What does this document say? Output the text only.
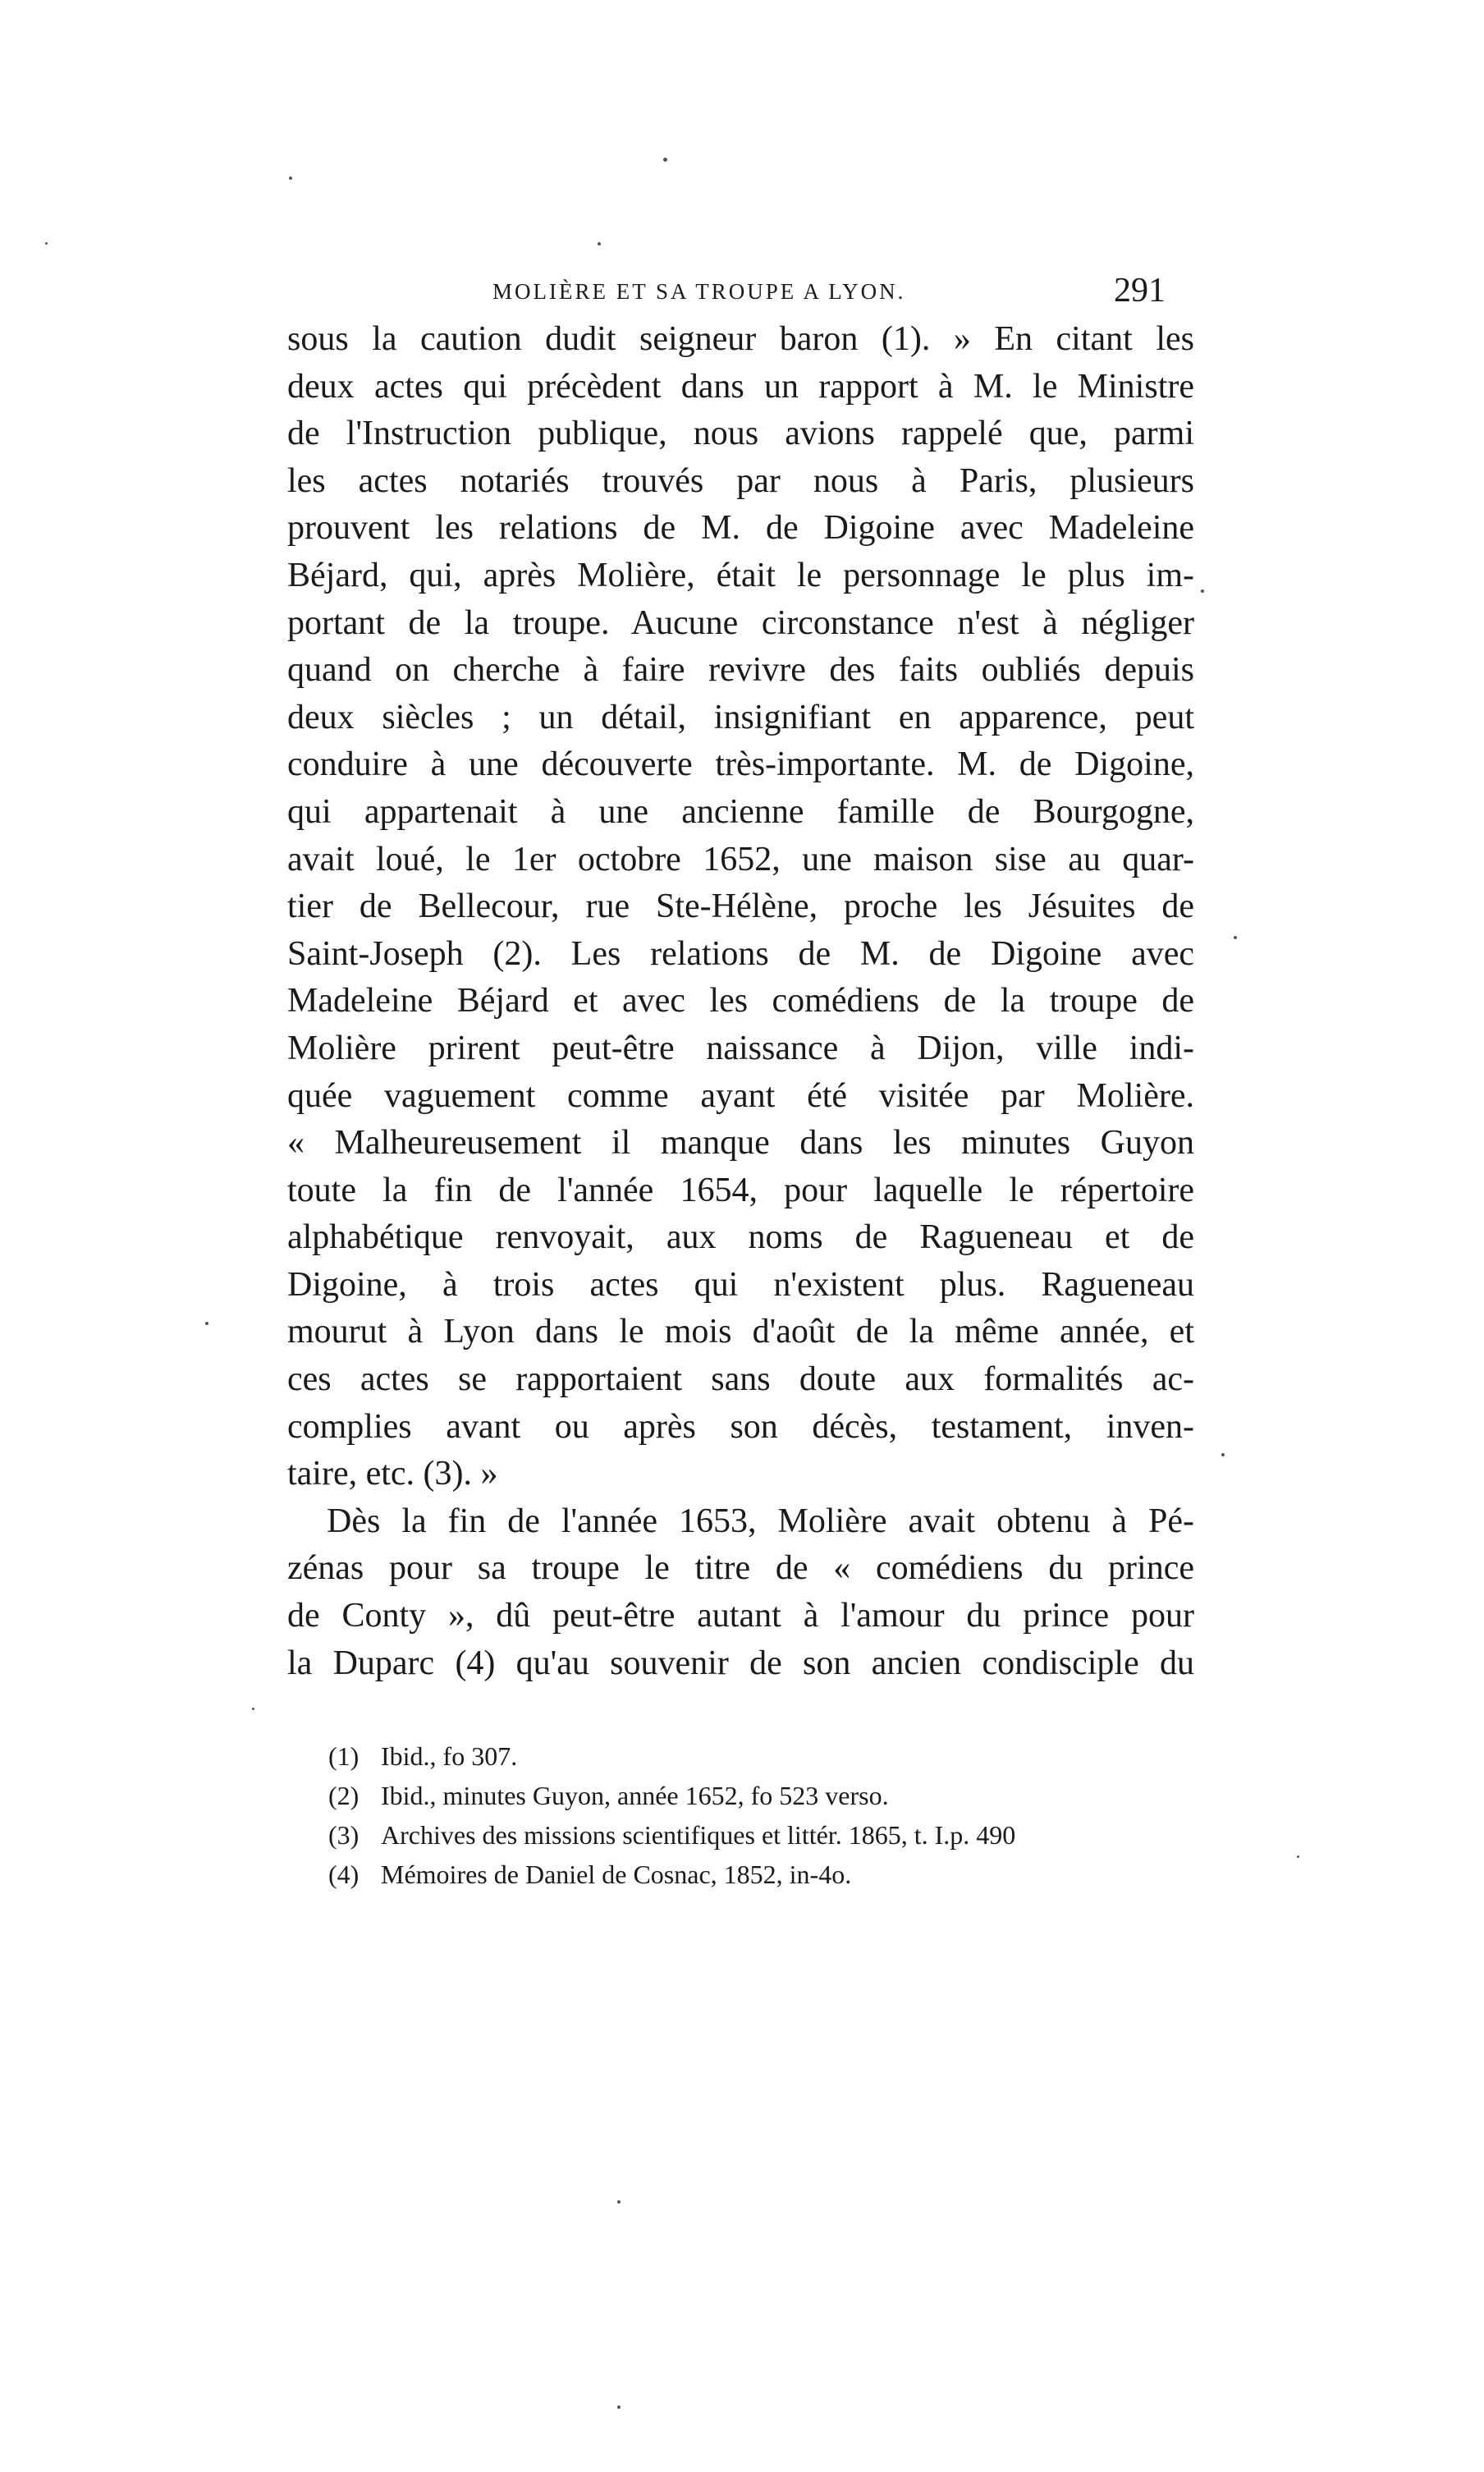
MOLIÈRE ET SA TROUPE A LYON.	291
sous la caution dudit seigneur baron (1). » En citant les
deux actes qui précèdent dans un rapport à M. le Ministre
de l'Instruction publique, nous avions rappelé que, parmi
les actes notariés trouvés par nous à Paris, plusieurs
prouvent les relations de M. de Digoine avec Madeleine
Béjard, qui, après Molière, était le personnage le plus im-
portant de la troupe. Aucune circonstance n'est à négliger
quand on cherche à faire revivre des faits oubliés depuis
deux siècles ; un détail, insignifiant en apparence, peut
conduire à une découverte très-importante. M. de Digoine,
qui appartenait à une ancienne famille de Bourgogne,
avait loué, le 1er octobre 1652, une maison sise au quar-
tier de Bellecour, rue Ste-Hélène, proche les Jésuites de
Saint-Joseph (2). Les relations de M. de Digoine avec
Madeleine Béjard et avec les comédiens de la troupe de
Molière prirent peut-être naissance à Dijon, ville indi-
quée vaguement comme ayant été visitée par Molière.
« Malheureusement il manque dans les minutes Guyon
toute la fin de l'année 1654, pour laquelle le répertoire
alphabétique renvoyait, aux noms de Ragueneau et de
Digoine, à trois actes qui n'existent plus. Ragueneau
mourut à Lyon dans le mois d'août de la même année, et
ces actes se rapportaient sans doute aux formalités ac-
complies avant ou après son décès, testament, inven-
taire, etc. (3). »
Dès la fin de l'année 1653, Molière avait obtenu à Pé-
zénas pour sa troupe le titre de « comédiens du prince
de Conty », dû peut-être autant à l'amour du prince pour
la Duparc (4) qu'au souvenir de son ancien condisciple du
(1) Ibid., fo 307.
(2) Ibid., minutes Guyon, année 1652, fo 523 verso.
(3) Archives des missions scientifiques et littér. 1865, t. I.p. 490
(4) Mémoires de Daniel de Cosnac, 1852, in-4o.
